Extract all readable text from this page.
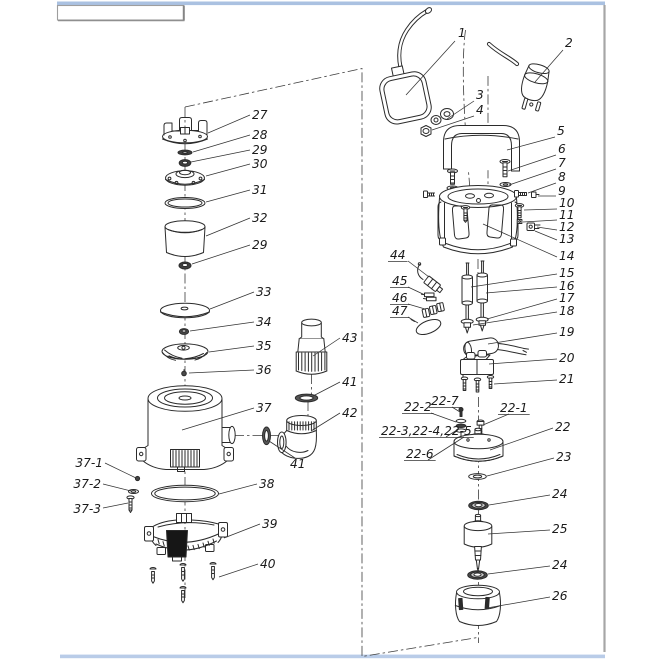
27
28
29
30
31
32
29
33
34
35
36
37
43
41
42
41
37-1
37-2
37-3
38
39
40
1
2
3
4
5
6
7
8
9
10
11
12
13
14
15
16
17
18
19
20
21
44
45
46
47
22-2 22-7	22-1
22-3,22-4,22-5
22-6
22
23
24
25
24
26
